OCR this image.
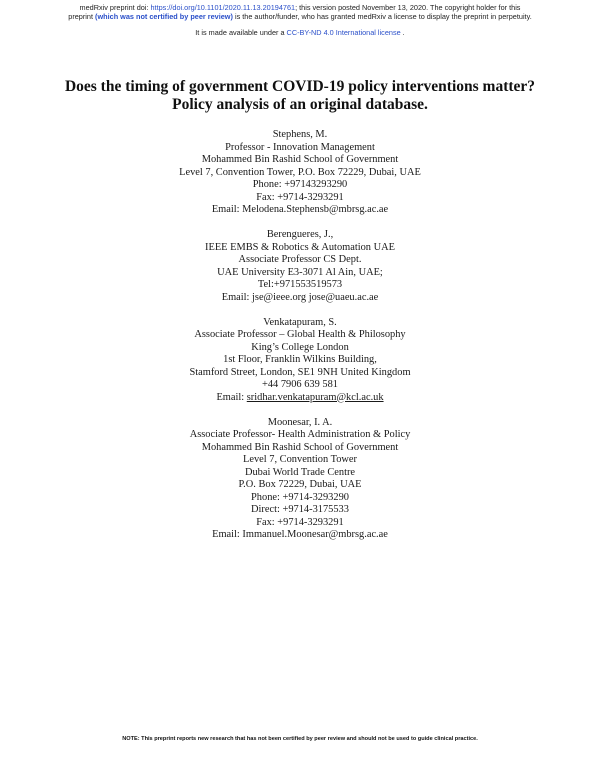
medRxiv preprint doi: https://doi.org/10.1101/2020.11.13.20194761; this version posted November 13, 2020. The copyright holder for this
preprint (which was not certified by peer review) is the author/funder, who has granted medRxiv a license to display the preprint in perpetuity.
It is made available under a CC-BY-ND 4.0 International license .
Does the timing of government COVID-19 policy interventions matter?
Policy analysis of an original database.
Stephens, M.
Professor - Innovation Management
Mohammed Bin Rashid School of Government
Level 7, Convention Tower, P.O. Box 72229, Dubai, UAE
Phone: +97143293290
Fax: +9714-3293291
Email: Melodena.Stephensb@mbrsg.ac.ae
Berengueres, J.,
IEEE EMBS & Robotics & Automation UAE
Associate Professor CS Dept.
UAE University E3-3071 Al Ain, UAE;
Tel:+971553519573
Email: jse@ieee.org jose@uaeu.ac.ae
Venkatapuram, S.
Associate Professor – Global Health & Philosophy
King’s College London
1st Floor, Franklin Wilkins Building,
Stamford Street, London, SE1 9NH United Kingdom
+44 7906 639 581
Email: sridhar.venkatapuram@kcl.ac.uk
Moonesar, I. A.
Associate Professor- Health Administration & Policy
Mohammed Bin Rashid School of Government
Level 7, Convention Tower
Dubai World Trade Centre
P.O. Box 72229, Dubai, UAE
Phone: +9714-3293290
Direct: +9714-3175533
Fax: +9714-3293291
Email: Immanuel.Moonesar@mbrsg.ac.ae
NOTE: This preprint reports new research that has not been certified by peer review and should not be used to guide clinical practice.
